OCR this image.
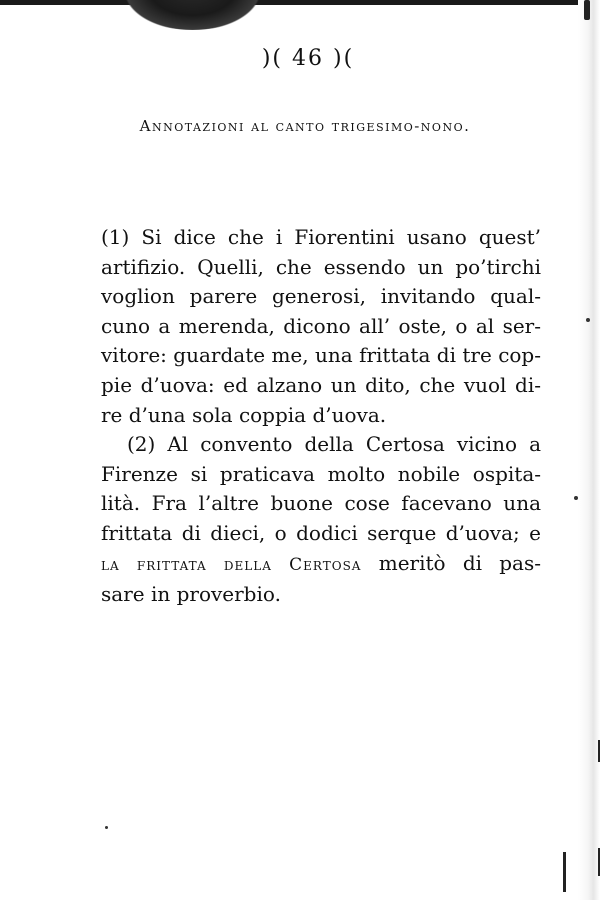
)( 46 )(
Annotazioni al canto trigesimo-nono.
(1) Si dice che i Fiorentini usano quest’
artifizio. Quelli, che essendo un po’tirchi
voglion parere generosi, invitando qual-
cuno a merenda, dicono all’ oste, o al ser-
vitore: guardate me, una frittata di tre cop-
pie d’uova: ed alzano un dito, che vuol di-
re d’una sola coppia d’uova.
(2) Al convento della Certosa vicino a
Firenze si praticava molto nobile ospita-
lità. Fra l’altre buone cose facevano una
frittata di dieci, o dodici serque d’uova; e
la frittata della Certosa meritò di pas-
sare in proverbio.
